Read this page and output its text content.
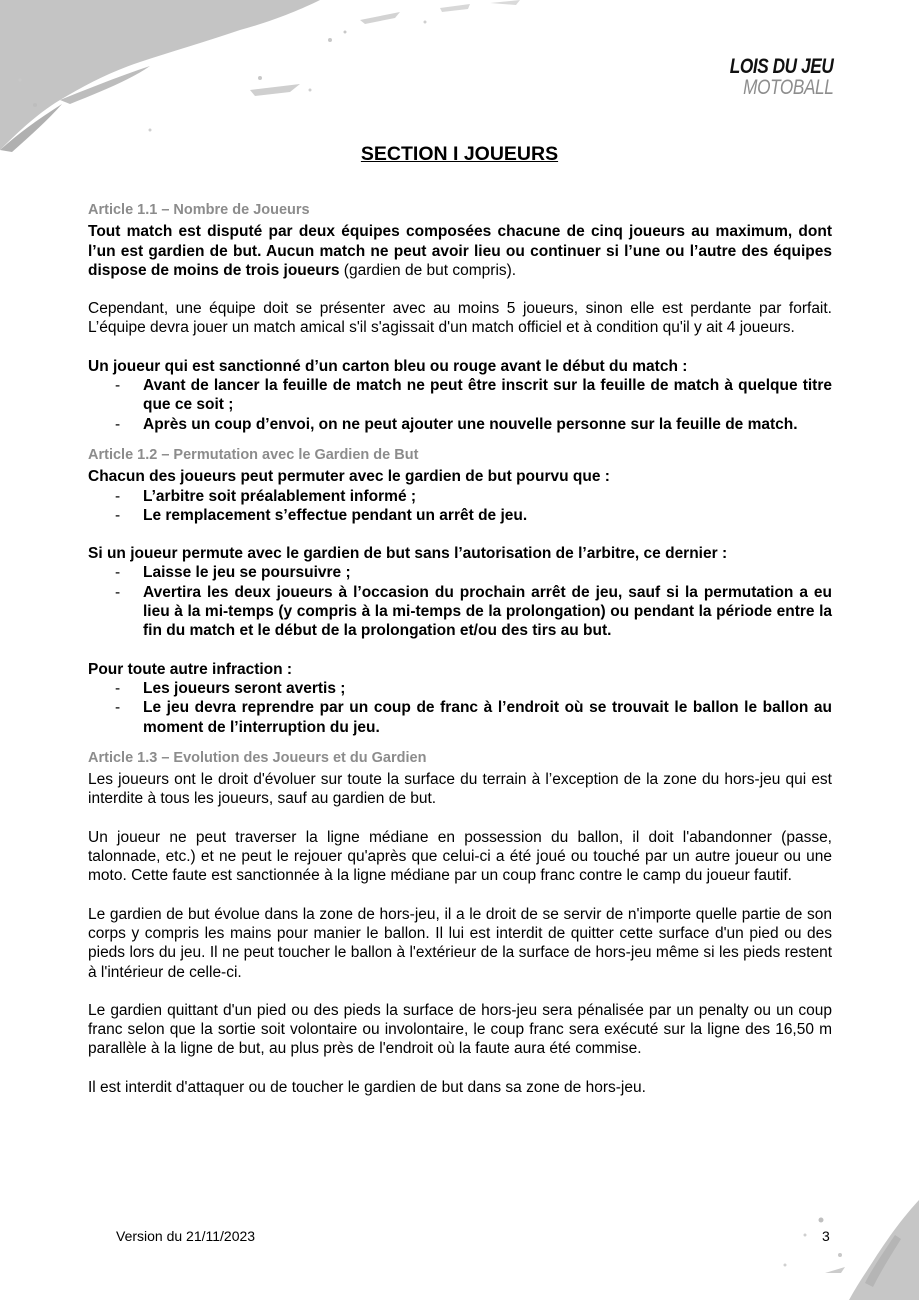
LOIS DU JEU
MOTOBALL
SECTION I JOUEURS
Article 1.1 – Nombre de Joueurs

Tout match est disputé par deux équipes composées chacune de cinq joueurs au maximum, dont l’un est gardien de but. Aucun match ne peut avoir lieu ou continuer si l’une ou l’autre des équipes dispose de moins de trois joueurs (gardien de but compris).

Cependant, une équipe doit se présenter avec au moins 5 joueurs, sinon elle est perdante par forfait. L’équipe devra jouer un match amical s'il s'agissait d'un match officiel et à condition qu'il y ait 4 joueurs.

Un joueur qui est sanctionné d’un carton bleu ou rouge avant le début du match :

- Avant de lancer la feuille de match ne peut être inscrit sur la feuille de match à quelque titre que ce soit ;
- Après un coup d’envoi, on ne peut ajouter une nouvelle personne sur la feuille de match.
Article 1.2 – Permutation avec le Gardien de But

Chacun des joueurs peut permuter avec le gardien de but pourvu que :

- L’arbitre soit préalablement informé ;
- Le remplacement s’effectue pendant un arrêt de jeu.

Si un joueur permute avec le gardien de but sans l’autorisation de l’arbitre, ce dernier :

- Laisse le jeu se poursuivre ;
- Avertira les deux joueurs à l’occasion du prochain arrêt de jeu, sauf si la permutation a eu lieu à la mi-temps (y compris à la mi-temps de la prolongation) ou pendant la période entre la fin du match et le début de la prolongation et/ou des tirs au but.

Pour toute autre infraction :

- Les joueurs seront avertis ;
- Le jeu devra reprendre par un coup de franc à l’endroit où se trouvait le ballon le ballon au moment de l’interruption du jeu.
Article 1.3 – Evolution des Joueurs et du Gardien

Les joueurs ont le droit d'évoluer sur toute la surface du terrain à l’exception de la zone du hors-jeu qui est interdite à tous les joueurs, sauf au gardien de but.

Un joueur ne peut traverser la ligne médiane en possession du ballon, il doit l'abandonner (passe, talonnade, etc.) et ne peut le rejouer qu'après que celui-ci a été joué ou touché par un autre joueur ou une moto. Cette faute est sanctionnée à la ligne médiane par un coup franc contre le camp du joueur fautif.

Le gardien de but évolue dans la zone de hors-jeu, il a le droit de se servir de n'importe quelle partie de son corps y compris les mains pour manier le ballon. Il lui est interdit de quitter cette surface d'un pied ou des pieds lors du jeu. Il ne peut toucher le ballon à l'extérieur de la surface de hors-jeu même si les pieds restent à l'intérieur de celle-ci.

Le gardien quittant d'un pied ou des pieds la surface de hors-jeu sera pénalisée par un penalty ou un coup franc selon que la sortie soit volontaire ou involontaire, le coup franc sera exécuté sur la ligne des 16,50 m parallèle à la ligne de but, au plus près de l'endroit où la faute aura été commise.

Il est interdit d'attaquer ou de toucher le gardien de but dans sa zone de hors-jeu.

Version du 21/11/2023	3
